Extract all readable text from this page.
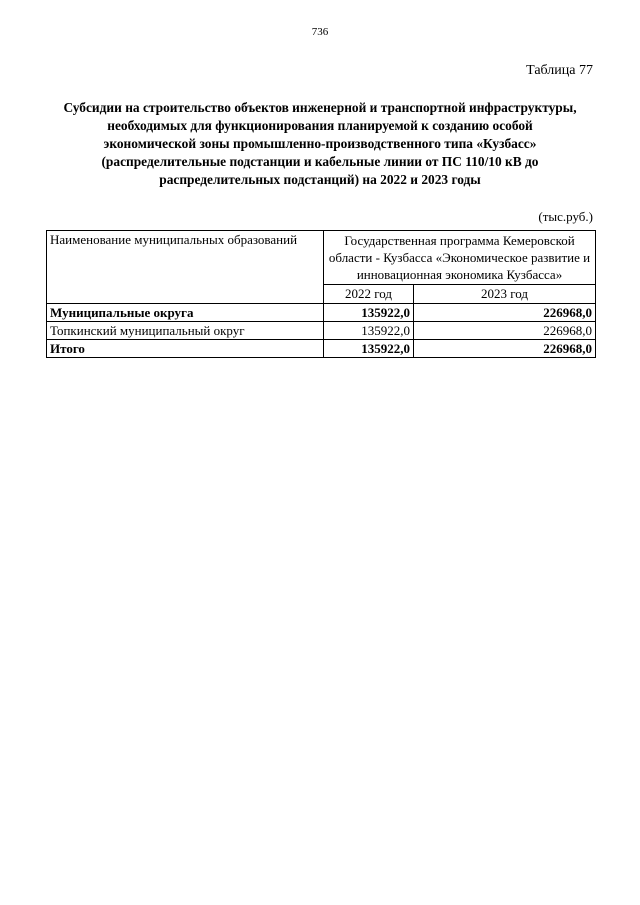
736
Таблица 77
Субсидии на строительство объектов инженерной и транспортной инфраструктуры,
необходимых для функционирования планируемой к созданию особой
экономической зоны промышленно-производственного типа «Кузбасс»
(распределительные подстанции и кабельные линии от ПС 110/10 кВ до
распределительных подстанций) на 2022 и 2023 годы
(тыс.руб.)
Наименование муниципальных образований	Государственная программа Кемеровской области - Кузбасса «Экономическое развитие и инновационная экономика Кузбасса»	
	2022 год	2023 год
Муниципальные округа	135922,0	226968,0
Топкинский муниципальный округ	135922,0	226968,0
Итого	135922,0	226968,0
